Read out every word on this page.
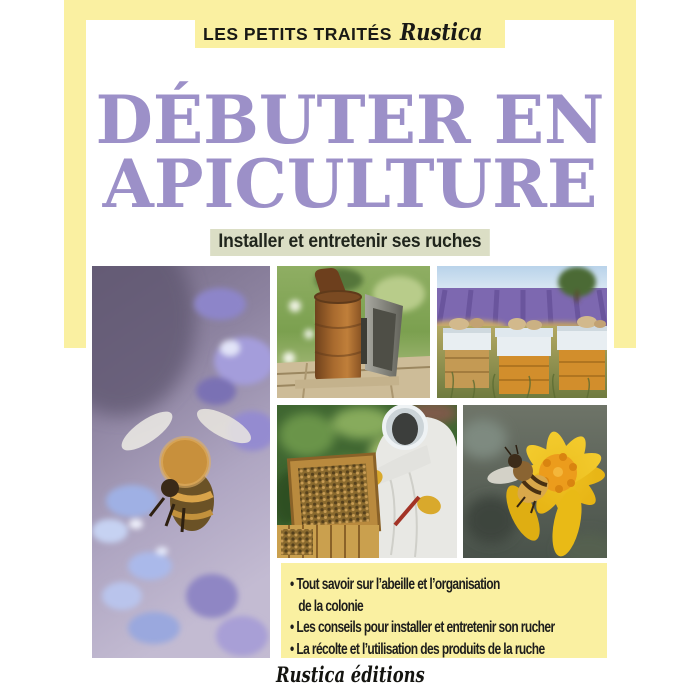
LES PETITS TRAITÉS Rustica
DÉBUTER EN
APICULTURE
Installer et entretenir ses ruches
• Tout savoir sur l’abeille et l’organisation
de la colonie
• Les conseils pour installer et entretenir son rucher
• La récolte et l’utilisation des produits de la ruche
Rustica éditions
